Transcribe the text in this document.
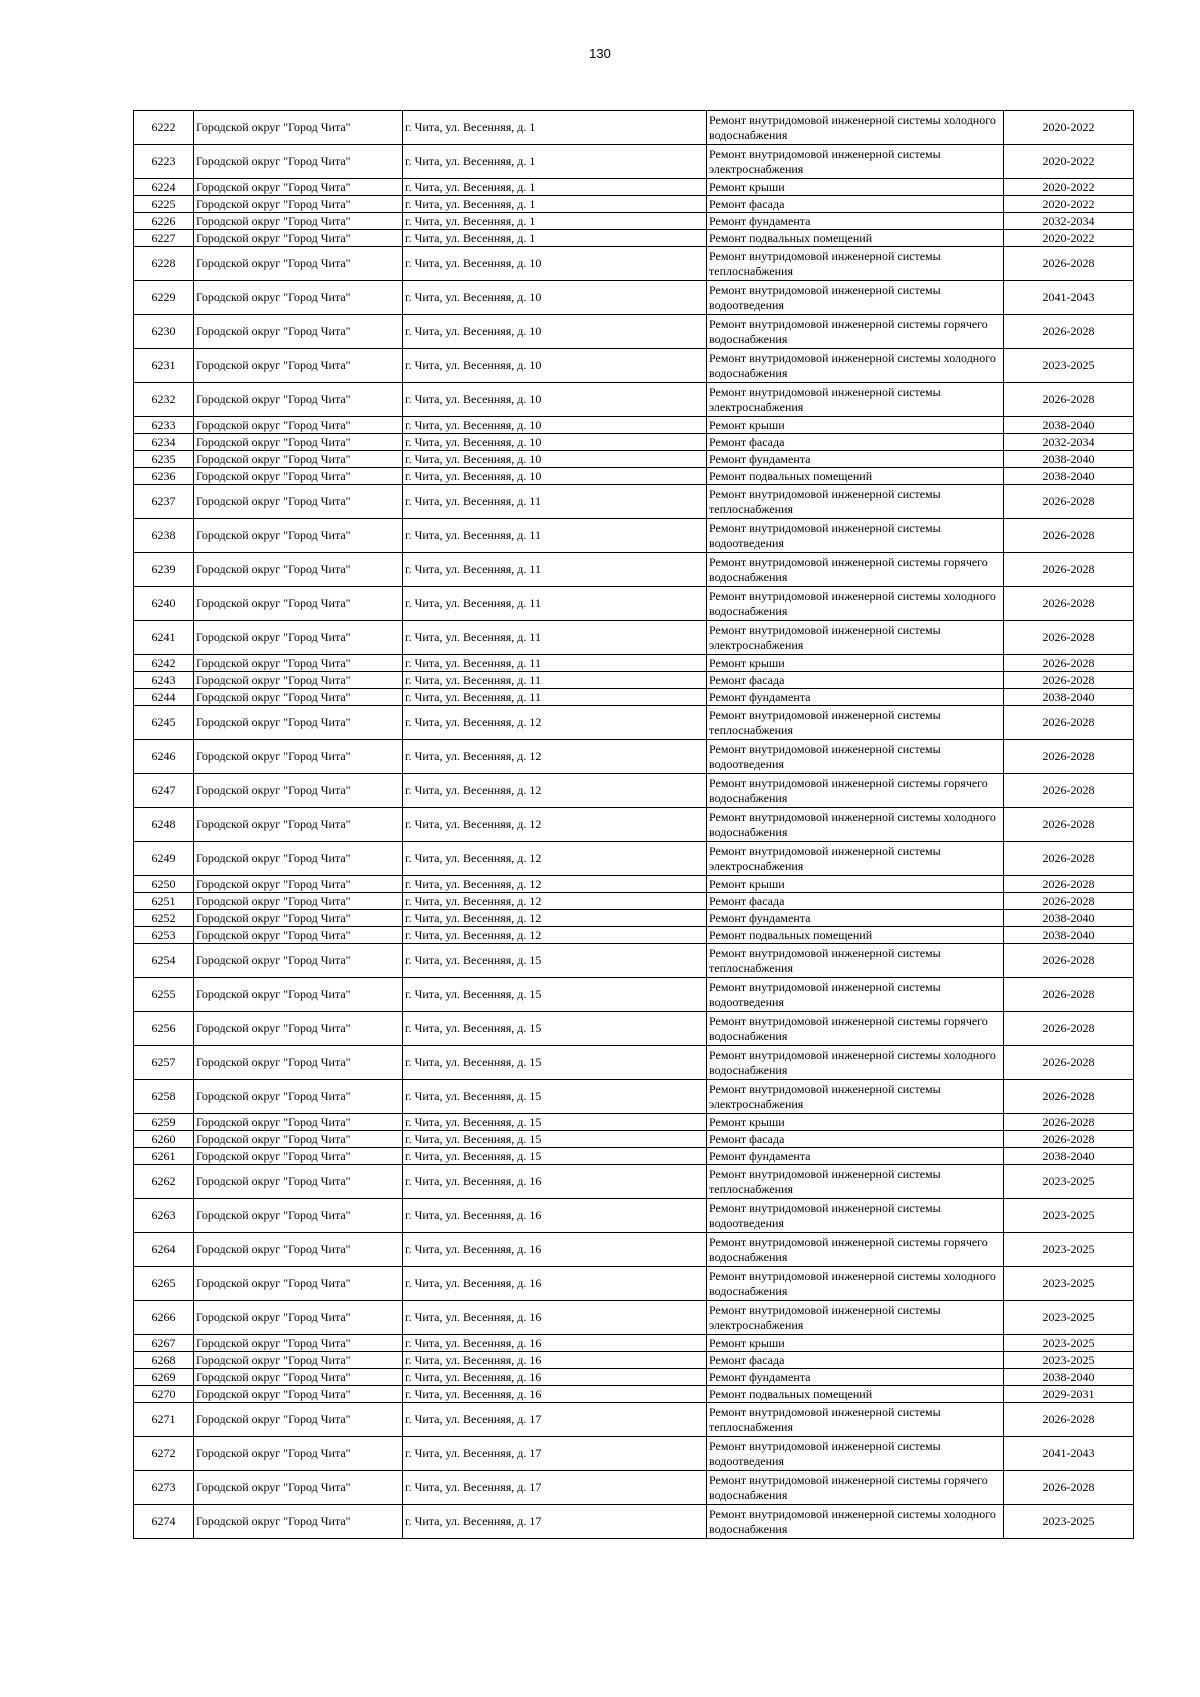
130
6222	Городской округ "Город Чита"	г. Чита, ул. Весенняя, д. 1	Ремонт внутридомовой инженерной системы холодного водоснабжения	2020-2022
6223	Городской округ "Город Чита"	г. Чита, ул. Весенняя, д. 1	Ремонт внутридомовой инженерной системы электроснабжения	2020-2022
6224	Городской округ "Город Чита"	г. Чита, ул. Весенняя, д. 1	Ремонт крыши	2020-2022
6225	Городской округ "Город Чита"	г. Чита, ул. Весенняя, д. 1	Ремонт фасада	2020-2022
6226	Городской округ "Город Чита"	г. Чита, ул. Весенняя, д. 1	Ремонт фундамента	2032-2034
6227	Городской округ "Город Чита"	г. Чита, ул. Весенняя, д. 1	Ремонт подвальных помещений	2020-2022
6228	Городской округ "Город Чита"	г. Чита, ул. Весенняя, д. 10	Ремонт внутридомовой инженерной системы теплоснабжения	2026-2028
6229	Городской округ "Город Чита"	г. Чита, ул. Весенняя, д. 10	Ремонт внутридомовой инженерной системы водоотведения	2041-2043
6230	Городской округ "Город Чита"	г. Чита, ул. Весенняя, д. 10	Ремонт внутридомовой инженерной системы горячего водоснабжения	2026-2028
6231	Городской округ "Город Чита"	г. Чита, ул. Весенняя, д. 10	Ремонт внутридомовой инженерной системы холодного водоснабжения	2023-2025
6232	Городской округ "Город Чита"	г. Чита, ул. Весенняя, д. 10	Ремонт внутридомовой инженерной системы электроснабжения	2026-2028
6233	Городской округ "Город Чита"	г. Чита, ул. Весенняя, д. 10	Ремонт крыши	2038-2040
6234	Городской округ "Город Чита"	г. Чита, ул. Весенняя, д. 10	Ремонт фасада	2032-2034
6235	Городской округ "Город Чита"	г. Чита, ул. Весенняя, д. 10	Ремонт фундамента	2038-2040
6236	Городской округ "Город Чита"	г. Чита, ул. Весенняя, д. 10	Ремонт подвальных помещений	2038-2040
6237	Городской округ "Город Чита"	г. Чита, ул. Весенняя, д. 11	Ремонт внутридомовой инженерной системы теплоснабжения	2026-2028
6238	Городской округ "Город Чита"	г. Чита, ул. Весенняя, д. 11	Ремонт внутридомовой инженерной системы водоотведения	2026-2028
6239	Городской округ "Город Чита"	г. Чита, ул. Весенняя, д. 11	Ремонт внутридомовой инженерной системы горячего водоснабжения	2026-2028
6240	Городской округ "Город Чита"	г. Чита, ул. Весенняя, д. 11	Ремонт внутридомовой инженерной системы холодного водоснабжения	2026-2028
6241	Городской округ "Город Чита"	г. Чита, ул. Весенняя, д. 11	Ремонт внутридомовой инженерной системы электроснабжения	2026-2028
6242	Городской округ "Город Чита"	г. Чита, ул. Весенняя, д. 11	Ремонт крыши	2026-2028
6243	Городской округ "Город Чита"	г. Чита, ул. Весенняя, д. 11	Ремонт фасада	2026-2028
6244	Городской округ "Город Чита"	г. Чита, ул. Весенняя, д. 11	Ремонт фундамента	2038-2040
6245	Городской округ "Город Чита"	г. Чита, ул. Весенняя, д. 12	Ремонт внутридомовой инженерной системы теплоснабжения	2026-2028
6246	Городской округ "Город Чита"	г. Чита, ул. Весенняя, д. 12	Ремонт внутридомовой инженерной системы водоотведения	2026-2028
6247	Городской округ "Город Чита"	г. Чита, ул. Весенняя, д. 12	Ремонт внутридомовой инженерной системы горячего водоснабжения	2026-2028
6248	Городской округ "Город Чита"	г. Чита, ул. Весенняя, д. 12	Ремонт внутридомовой инженерной системы холодного водоснабжения	2026-2028
6249	Городской округ "Город Чита"	г. Чита, ул. Весенняя, д. 12	Ремонт внутридомовой инженерной системы электроснабжения	2026-2028
6250	Городской округ "Город Чита"	г. Чита, ул. Весенняя, д. 12	Ремонт крыши	2026-2028
6251	Городской округ "Город Чита"	г. Чита, ул. Весенняя, д. 12	Ремонт фасада	2026-2028
6252	Городской округ "Город Чита"	г. Чита, ул. Весенняя, д. 12	Ремонт фундамента	2038-2040
6253	Городской округ "Город Чита"	г. Чита, ул. Весенняя, д. 12	Ремонт подвальных помещений	2038-2040
6254	Городской округ "Город Чита"	г. Чита, ул. Весенняя, д. 15	Ремонт внутридомовой инженерной системы теплоснабжения	2026-2028
6255	Городской округ "Город Чита"	г. Чита, ул. Весенняя, д. 15	Ремонт внутридомовой инженерной системы водоотведения	2026-2028
6256	Городской округ "Город Чита"	г. Чита, ул. Весенняя, д. 15	Ремонт внутридомовой инженерной системы горячего водоснабжения	2026-2028
6257	Городской округ "Город Чита"	г. Чита, ул. Весенняя, д. 15	Ремонт внутридомовой инженерной системы холодного водоснабжения	2026-2028
6258	Городской округ "Город Чита"	г. Чита, ул. Весенняя, д. 15	Ремонт внутридомовой инженерной системы электроснабжения	2026-2028
6259	Городской округ "Город Чита"	г. Чита, ул. Весенняя, д. 15	Ремонт крыши	2026-2028
6260	Городской округ "Город Чита"	г. Чита, ул. Весенняя, д. 15	Ремонт фасада	2026-2028
6261	Городской округ "Город Чита"	г. Чита, ул. Весенняя, д. 15	Ремонт фундамента	2038-2040
6262	Городской округ "Город Чита"	г. Чита, ул. Весенняя, д. 16	Ремонт внутридомовой инженерной системы теплоснабжения	2023-2025
6263	Городской округ "Город Чита"	г. Чита, ул. Весенняя, д. 16	Ремонт внутридомовой инженерной системы водоотведения	2023-2025
6264	Городской округ "Город Чита"	г. Чита, ул. Весенняя, д. 16	Ремонт внутридомовой инженерной системы горячего водоснабжения	2023-2025
6265	Городской округ "Город Чита"	г. Чита, ул. Весенняя, д. 16	Ремонт внутридомовой инженерной системы холодного водоснабжения	2023-2025
6266	Городской округ "Город Чита"	г. Чита, ул. Весенняя, д. 16	Ремонт внутридомовой инженерной системы электроснабжения	2023-2025
6267	Городской округ "Город Чита"	г. Чита, ул. Весенняя, д. 16	Ремонт крыши	2023-2025
6268	Городской округ "Город Чита"	г. Чита, ул. Весенняя, д. 16	Ремонт фасада	2023-2025
6269	Городской округ "Город Чита"	г. Чита, ул. Весенняя, д. 16	Ремонт фундамента	2038-2040
6270	Городской округ "Город Чита"	г. Чита, ул. Весенняя, д. 16	Ремонт подвальных помещений	2029-2031
6271	Городской округ "Город Чита"	г. Чита, ул. Весенняя, д. 17	Ремонт внутридомовой инженерной системы теплоснабжения	2026-2028
6272	Городской округ "Город Чита"	г. Чита, ул. Весенняя, д. 17	Ремонт внутридомовой инженерной системы водоотведения	2041-2043
6273	Городской округ "Город Чита"	г. Чита, ул. Весенняя, д. 17	Ремонт внутридомовой инженерной системы горячего водоснабжения	2026-2028
6274	Городской округ "Город Чита"	г. Чита, ул. Весенняя, д. 17	Ремонт внутридомовой инженерной системы холодного водоснабжения	2023-2025
